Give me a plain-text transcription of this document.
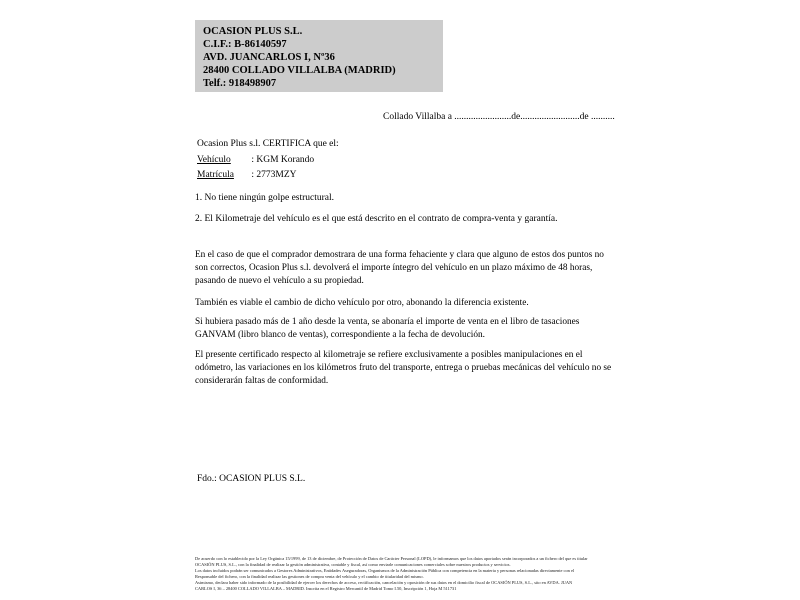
OCASION PLUS S.L.
C.I.F.: B-86140597
AVD. JUANCARLOS I, Nº36
28400 COLLADO VILLALBA (MADRID)
Telf.: 918498907
Collado Villalba a ........................de.........................de ..........
Ocasion Plus s.l. CERTIFICA que el:
Vehículo : KGM Korando
Matrícula : 2773MZY
1. No tiene ningún golpe estructural.
2. El Kilometraje del vehículo es el que está descrito en el contrato de compra-venta y garantía.
En el caso de que el comprador demostrara de una forma fehaciente y clara que alguno de estos dos puntos no son correctos, Ocasion Plus s.l. devolverá el importe íntegro del vehículo en un plazo máximo de 48 horas, pasando de nuevo el vehículo a su propiedad.
También es viable el cambio de dicho vehículo por otro, abonando la diferencia existente.
Si hubiera pasado más de 1 año desde la venta, se abonaría el importe de venta en el libro de tasaciones GANVAM (libro blanco de ventas), correspondiente a la fecha de devolución.
El presente certificado respecto al kilometraje se refiere exclusivamente a posibles manipulaciones en el odómetro, las variaciones en los kilómetros fruto del transporte, entrega o pruebas mecánicas del vehículo no se considerarán faltas de conformidad.
Fdo.: OCASION PLUS S.L.
De acuerdo con lo establecido por la Ley Orgánica 15/1999, de 13 de diciembre, de Protección de Datos de Carácter Personal (LOPD), le informamos que los datos aportados serán incorporados a un fichero del que es titular
OCASIÓN PLUS, S.L., con la finalidad de realizar la gestión administrativa, contable y fiscal, así como enviarle comunicaciones comerciales sobre nuestros productos y servicios.
Los datos incluidos podrán ser comunicados a Gestores Administrativos, Entidades Aseguradoras, Organismos de la Administración Pública con competencia en la materia y personas relacionadas directamente con el
Responsable del fichero, con la finalidad realizar las gestiones de compra venta del vehículo y el cambio de titularidad del mismo.
Asimismo, declara haber sido informado de la posibilidad de ejercer los derechos de acceso, rectificación, cancelación y oposición de sus datos en el domicilio fiscal de OCASIÓN PLUS, S.L., sito en AVDA. JUAN
CARLOS I, 36 – 28400 COLLADO VILLALBA – MADRID. Inscrita en el Registro Mercantil de Madrid Tomo I.50, Inscripción 1, Hoja M 511731
